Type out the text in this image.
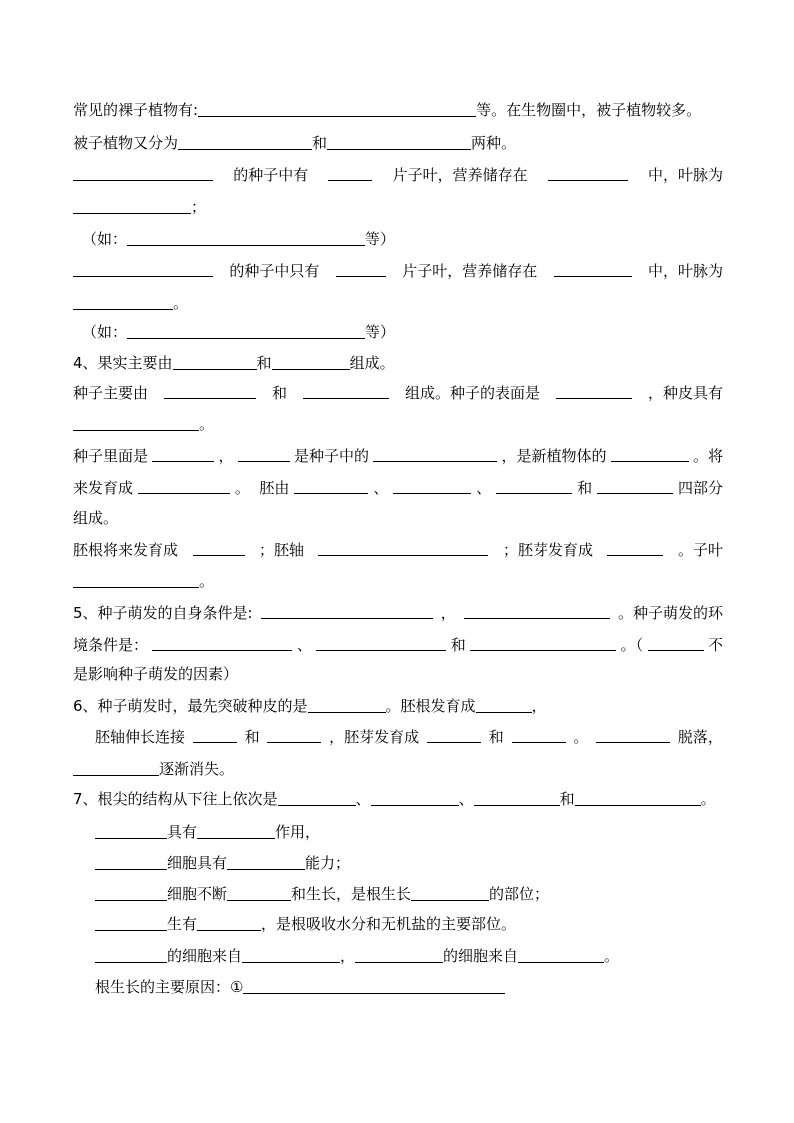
常见的裸子植物有:	等。在生物圈中，被子植物较多。
被子植物又分为	和	两种。
的种子中有	片子叶，营养储存在	中，叶脉为
；
（如：	等）
的种子中只有	片子叶，营养储存在	中，叶脉为
。
（如：	等）
4、果实主要由	和	组成。
种子主要由	和	组成。种子的表面是	，种皮具有
。
种子里面是	，	是种子中的	，是新植物体的	。将
来发育成	。  胚由	、	、	和	四部分
组成。
胚根将来发育成	；胚轴	；胚芽发育成	。子叶
。
5、种子萌发的自身条件是:	，	。种子萌发的环
境条件是：	、	和	。（	不
是影响种子萌发的因素）
6、种子萌发时，最先突破种皮的是	。胚根发育成	，
胚轴伸长连接	和	，胚芽发育成	和	。	脱落，
逐渐消失。
7、根尖的结构从下往上依次是	、	、	和	。
具有	作用，
细胞具有	能力；
细胞不断	和生长，是根生长	的部位；
生有	，是根吸收水分和无机盐的主要部位。
的细胞来自	，	的细胞来自	。
根生长的主要原因：①
